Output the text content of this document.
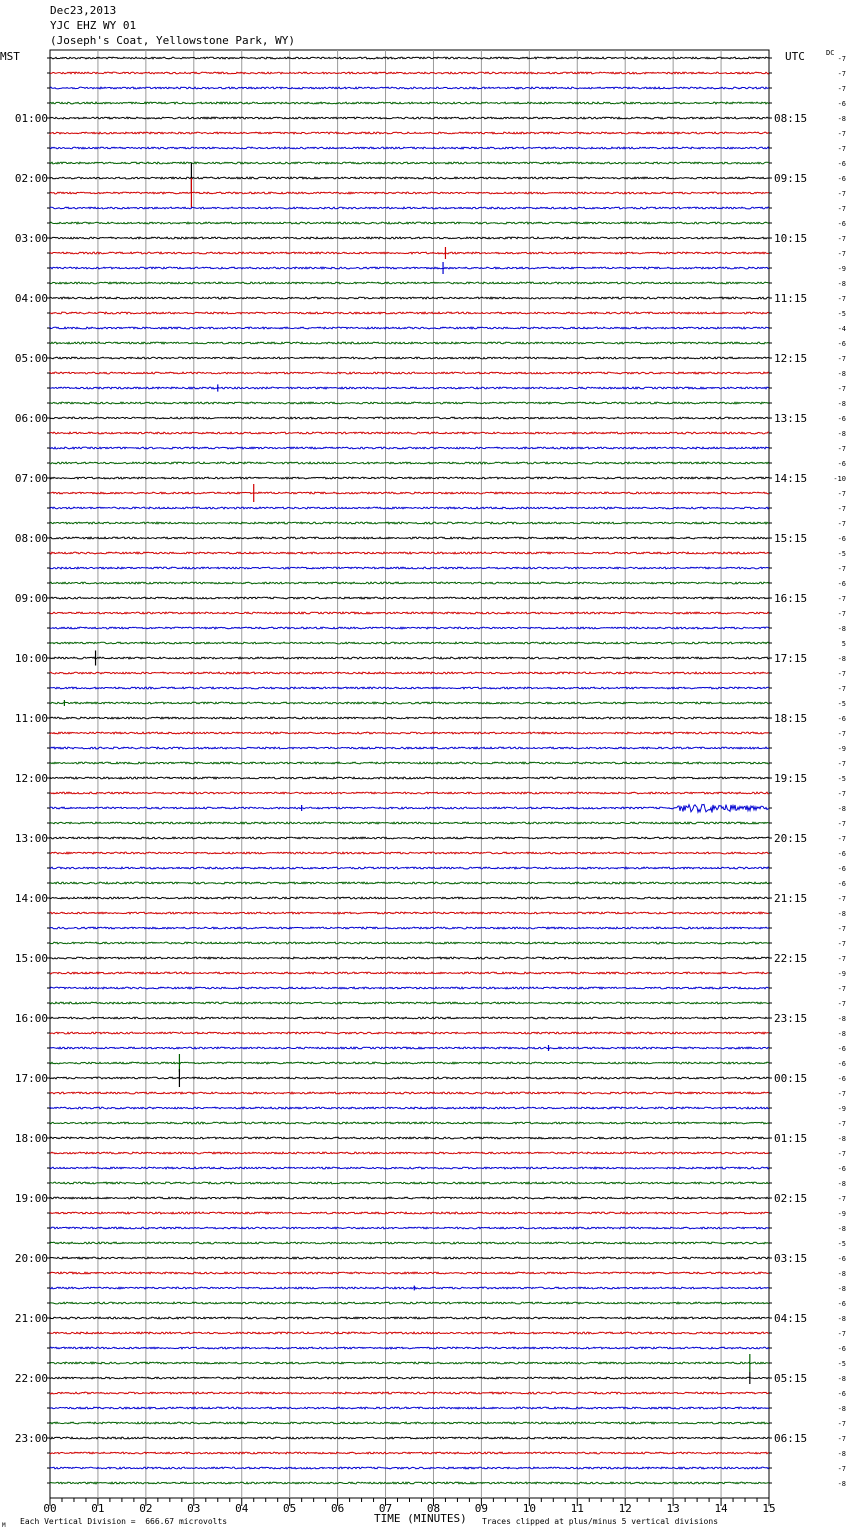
Dec23,2013
YJC EHZ WY 01
(Joseph's Coat, Yellowstone Park, WY)
MST	UTC	DC
00	01	02	03	04	05	06	07	08	09	10	11	12	13	14	15
-7
-7
-7
-6
-8
-7
-7
-6
-6
-7
-7
-6
-7
-7
-9
-8
-7
-5
-4
-6
-7
-8
-7
-8
-6
-8
-7
-6
-10
-7
-7
-7
-6
-5
-7
-6
-7
-7
-8
5
-8
-7
-7
-5
-6
-7
-9
-7
-5
-7
-8
-7
-7
-6
-6
-6
-7
-8
-7
-7
-7
-9
-7
-7
-8
-8
-6
-6
-6
-7
-9
-7
-8
-7
-6
-8
-7
-9
-8
-5
-6
-8
-8
-6
-8
-7
-6
-5
-8
-6
-8
-7
-7
-8
-7
-8
01:00	08:15
02:00	09:15
03:00	10:15
04:00	11:15
05:00	12:15
06:00	13:15
07:00	14:15
08:00	15:15
09:00	16:15
10:00	17:15
11:00	18:15
12:00	19:15
13:00	20:15
14:00	21:15
15:00	22:15
16:00	23:15
17:00	00:15
18:00	01:15
19:00	02:15
20:00	03:15
21:00	04:15
22:00	05:15
23:00	06:15
TIME (MINUTES)
Each Vertical Division =  666.67 microvolts	Traces clipped at plus/minus 5 vertical divisions
M
